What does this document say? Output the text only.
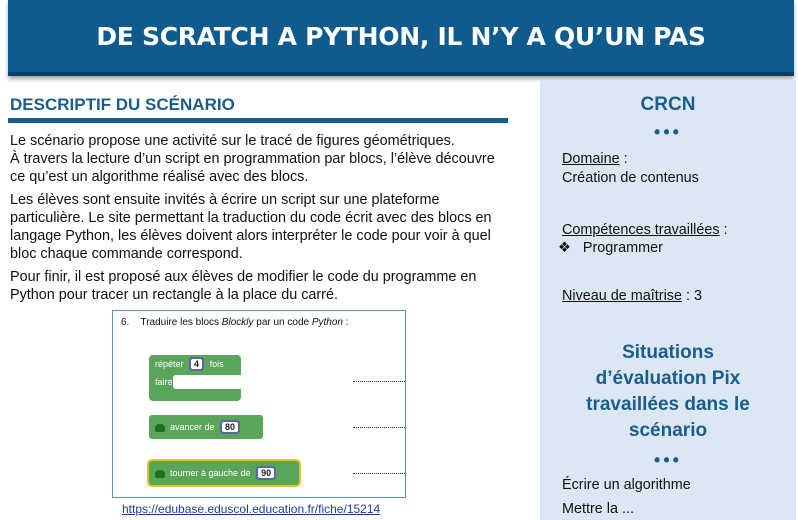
DE SCRATCH A PYTHON, IL N’Y A QU’UN PAS
DESCRIPTIF DU SCÉNARIO

Le scénario propose une activité sur le tracé de figures géométriques.
À travers la lecture d’un script en programmation par blocs, l’élève découvre ce qu’est un algorithme réalisé avec des blocs.

Les élèves sont ensuite invités à écrire un script sur une plateforme particulière. Le site permettant la traduction du code écrit avec des blocs en langage Python, les élèves doivent alors interpréter le code pour voir à quel bloc chaque commande correspond.

Pour finir, il est proposé aux élèves de modifier le code du programme en Python pour tracer un rectangle à la place du carré.

6. Traduire les blocs Blockly par un code Python :
répéter 4 fois
faire
avancer de 80
tourner à gauche de 90
https://edubase.eduscol.education.fr/fiche/15214
CRCN
•••
Domaine :
Création de contenus
Compétences travaillées :
❖ Programmer
Niveau de maîtrise : 3
Situations
d’évaluation Pix
travaillées dans le
scénario
•••
Écrire un algorithme
Mettre la ...
